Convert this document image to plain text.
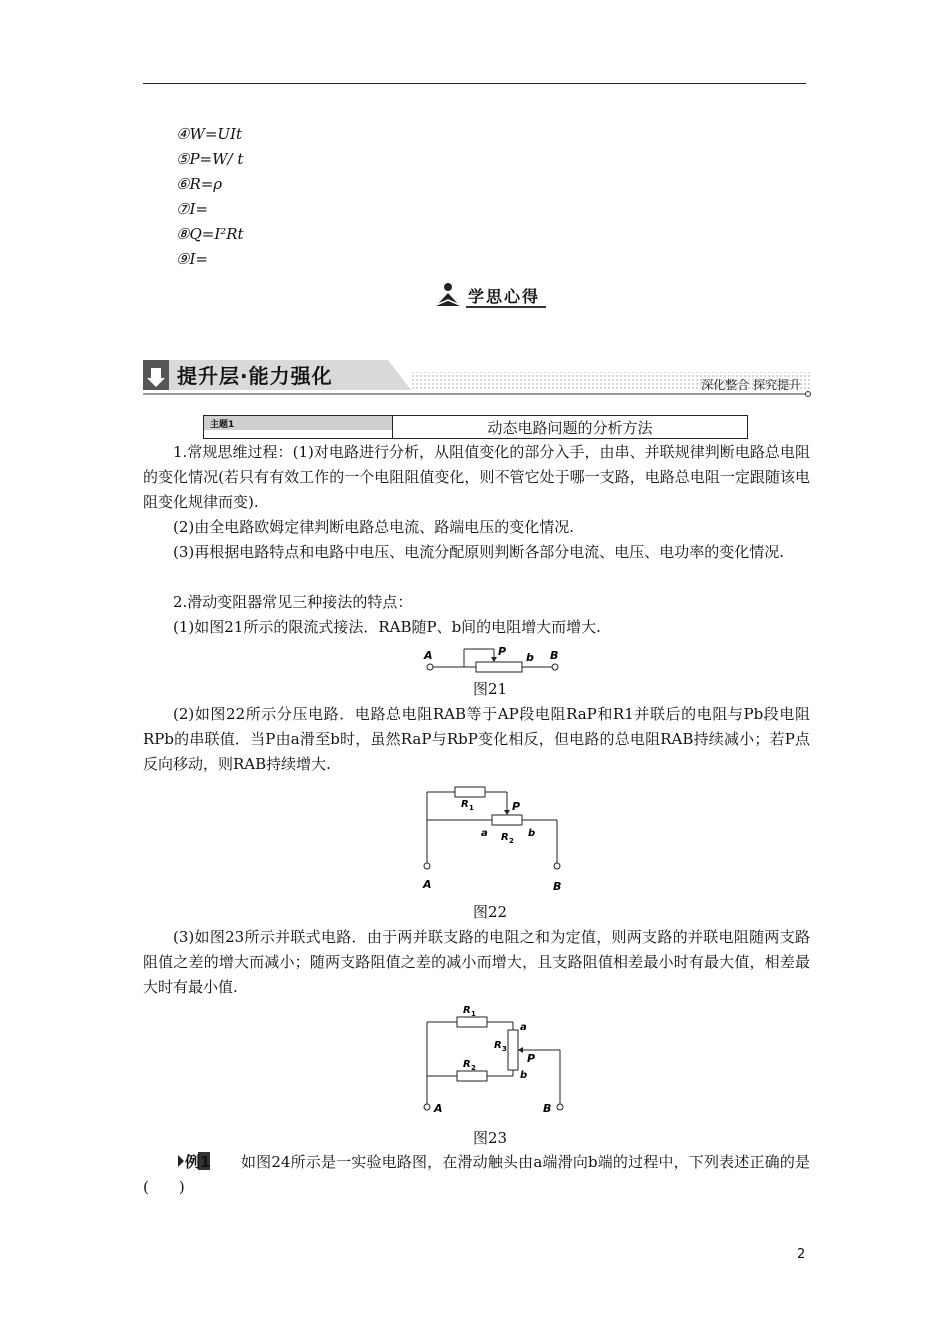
④W=UIt
⑤P=W/ t
⑥R=ρ
⑦I=
⑧Q=I²Rt
⑨I=
学思心得
提升层·能力强化	深化整合 探究提升
主题1	动态电路问题的分析方法
1.常规思维过程：(1)对电路进行分析，从阻值变化的部分入手，由串、并联规律判断电路总电阻的变化情况(若只有有效工作的一个电阻阻值变化，则不管它处于哪一支路，电路总电阻一定跟随该电阻变化规律而变).
(2)由全电路欧姆定律判断电路总电流、路端电压的变化情况.
(3)再根据电路特点和电路中电压、电流分配原则判断各部分电流、电压、电功率的变化情况.
2.滑动变阻器常见三种接法的特点：
(1)如图21所示的限流式接法．RAB随P、b间的电阻增大而增大.
A	P b B
图21
(2)如图22所示分压电路．电路总电阻RAB等于AP段电阻RaP和R1并联后的电阻与Pb段电阻RPb的串联值．当P由a滑至b时，虽然RaP与RbP变化相反，但电路的总电阻RAB持续减小；若P点反向移动，则RAB持续增大.
R 1	P
a R 2
b
A	B
图22
(3)如图23所示并联式电路．由于两并联支路的电阻之和为定值，则两支路的并联电阻随两支路阻值之差的增大而减小；随两支路阻值之差的减小而增大，且支路阻值相差最小时有最大值，相差最大时有最小值.
R 1
R 2
R 3
a
P
b
A	B
图23
例1	如图24所示是一实验电路图，在滑动触头由a端滑向b端的过程中，下列表述正确的是(　　)
2
